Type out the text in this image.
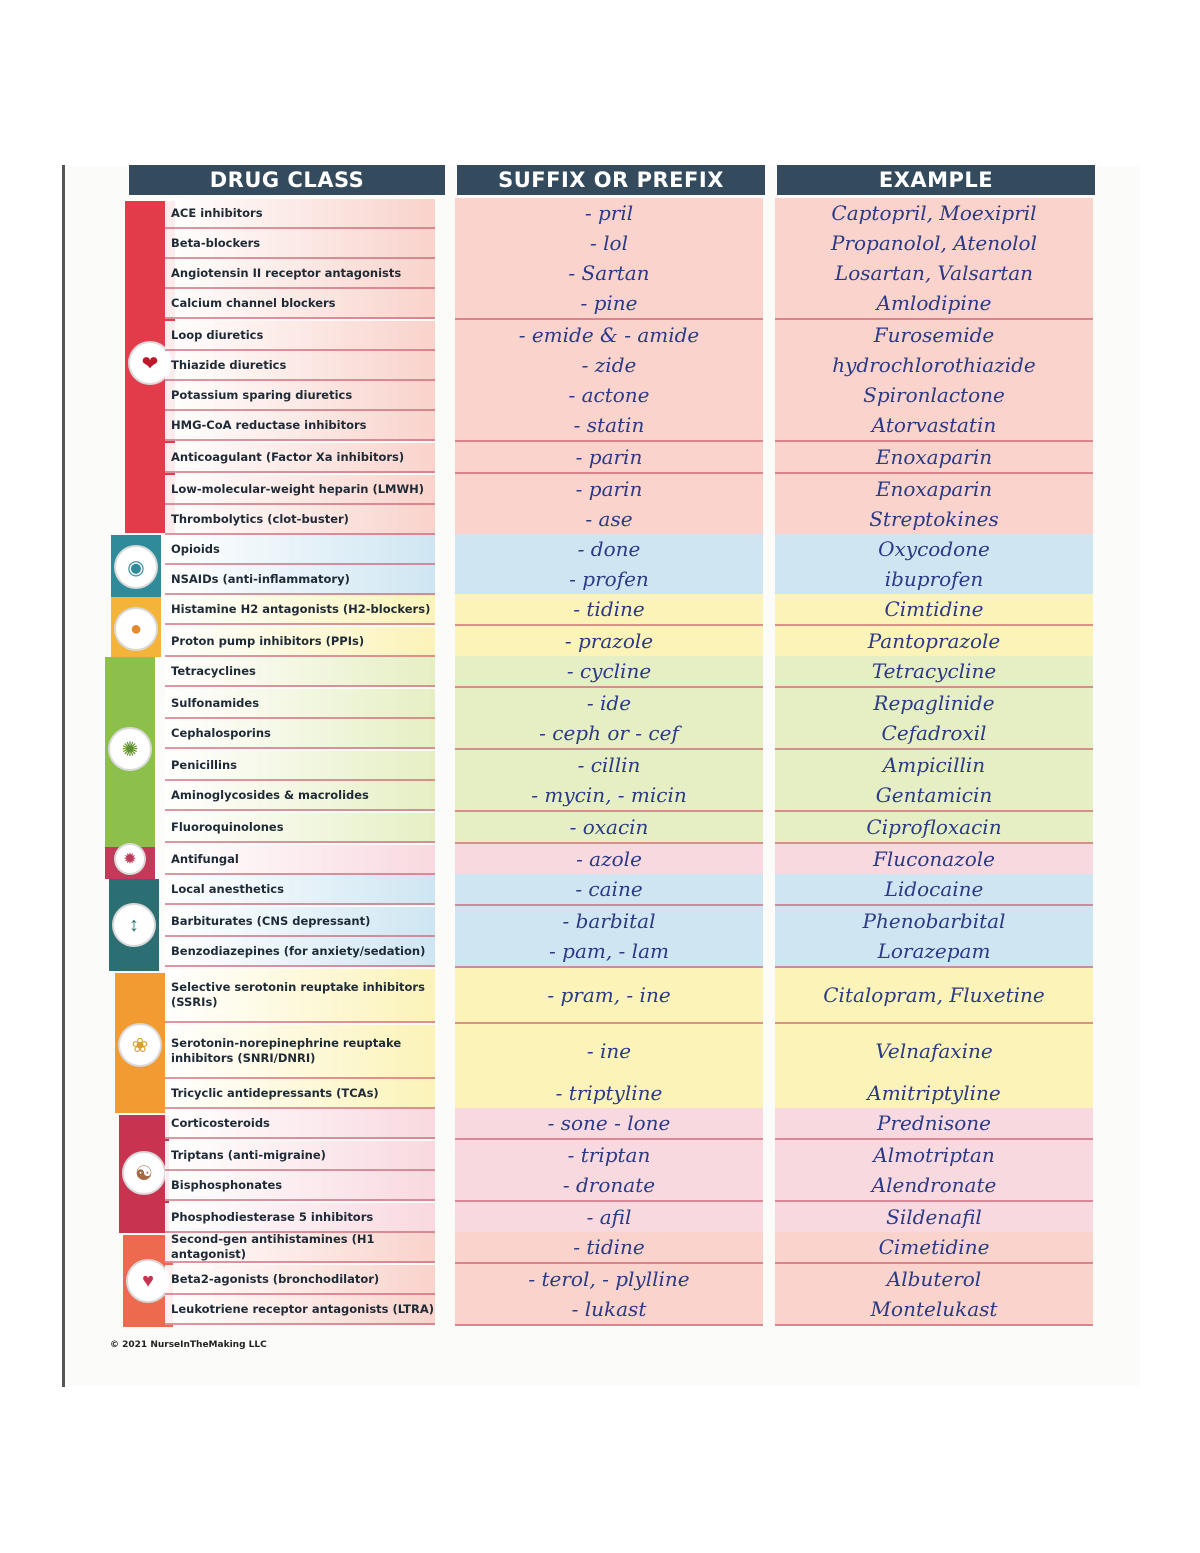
DRUG CLASS	SUFFIX OR PREFIX	EXAMPLE
❤
◉
●
✺
✹
↕
❀
☯
♥
ACE inhibitors	- pril	Captopril, Moexipril
Beta-blockers	- lol	Propanolol, Atenolol
Angiotensin II receptor antagonists	- Sartan	Losartan, Valsartan
Calcium channel blockers	- pine	Amlodipine
Loop diuretics	- emide & - amide	Furosemide
Thiazide diuretics	- zide	hydrochlorothiazide
Potassium sparing diuretics	- actone	Spironlactone
HMG-CoA reductase inhibitors	- statin	Atorvastatin
Anticoagulant (Factor Xa inhibitors)	- parin	Enoxaparin
Low-molecular-weight heparin (LMWH)	- parin	Enoxaparin
Thrombolytics (clot-buster)	- ase	Streptokines
Opioids	- done	Oxycodone
NSAIDs (anti-inflammatory)	- profen	ibuprofen
Histamine H2 antagonists (H2-blockers)	- tidine	Cimtidine
Proton pump inhibitors (PPIs)	- prazole	Pantoprazole
Tetracyclines	- cycline	Tetracycline
Sulfonamides	- ide	Repaglinide
Cephalosporins	- ceph or - cef	Cefadroxil
Penicillins	- cillin	Ampicillin
Aminoglycosides & macrolides	- mycin, - micin	Gentamicin
Fluoroquinolones	- oxacin	Ciprofloxacin
Antifungal	- azole	Fluconazole
Local anesthetics	- caine	Lidocaine
Barbiturates (CNS depressant)	- barbital	Phenobarbital
Benzodiazepines (for anxiety/sedation)	- pam, - lam	Lorazepam
Selective serotonin reuptake inhibitors (SSRIs)	- pram, - ine	Citalopram, Fluxetine
Serotonin-norepinephrine reuptake inhibitors (SNRI/DNRI)	- ine	Velnafaxine
Tricyclic antidepressants (TCAs)	- triptyline	Amitriptyline
Corticosteroids	- sone - lone	Prednisone
Triptans (anti-migraine)	- triptan	Almotriptan
Bisphosphonates	- dronate	Alendronate
Phosphodiesterase 5 inhibitors	- afil	Sildenafil
Second-gen antihistamines (H1 antagonist)	- tidine	Cimetidine
Beta2-agonists (bronchodilator)	- terol, - plylline	Albuterol
Leukotriene receptor antagonists (LTRA)	- lukast	Montelukast
© 2021 NurseInTheMaking LLC
